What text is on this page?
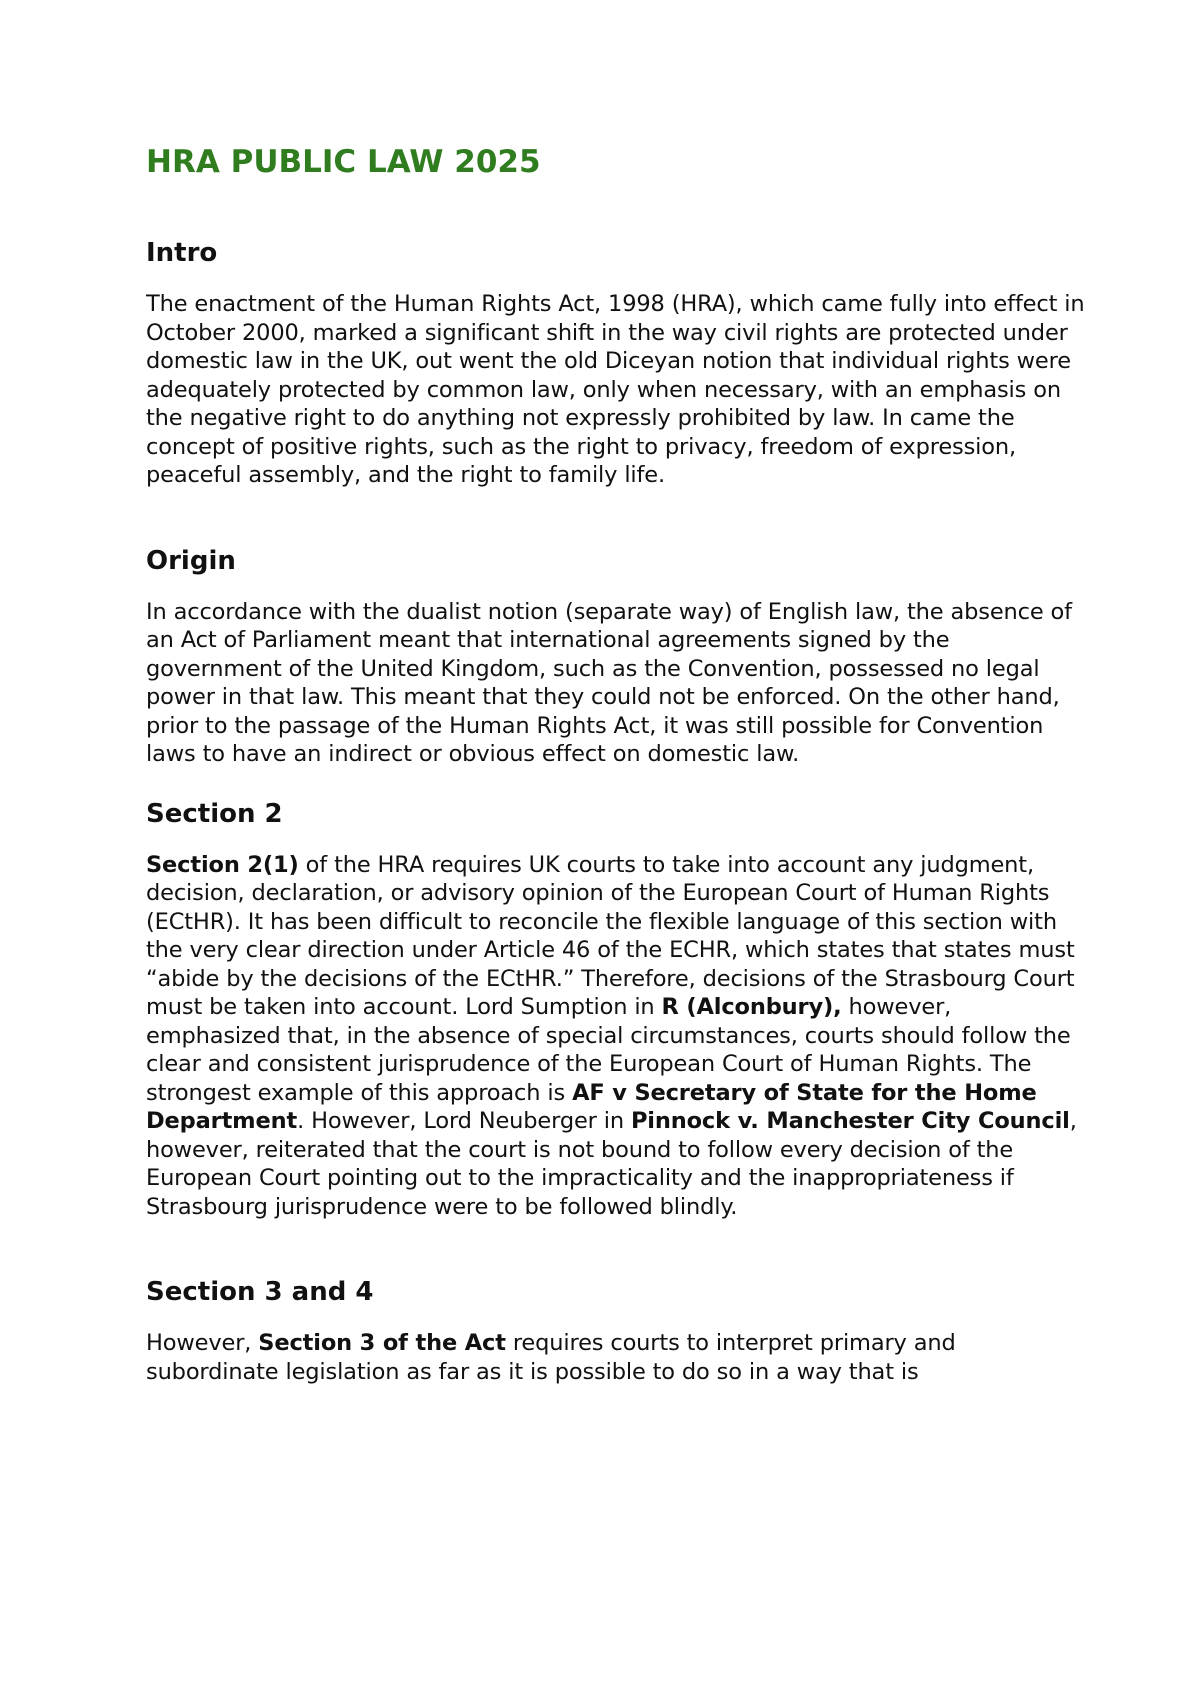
HRA PUBLIC LAW 2025
Intro

The enactment of the Human Rights Act, 1998 (HRA), which came fully into effect in October 2000, marked a significant shift in the way civil rights are protected under domestic law in the UK, out went the old Diceyan notion that individual rights were adequately protected by common law, only when necessary, with an emphasis on the negative right to do anything not expressly prohibited by law. In came the concept of positive rights, such as the right to privacy, freedom of expression, peaceful assembly, and the right to family life.

Origin

In accordance with the dualist notion (separate way) of English law, the absence of an Act of Parliament meant that international agreements signed by the government of the United Kingdom, such as the Convention, possessed no legal power in that law. This meant that they could not be enforced. On the other hand, prior to the passage of the Human Rights Act, it was still possible for Convention laws to have an indirect or obvious effect on domestic law.

Section 2

Section 2(1) of the HRA requires UK courts to take into account any judgment, decision, declaration, or advisory opinion of the European Court of Human Rights (ECtHR). It has been difficult to reconcile the flexible language of this section with the very clear direction under Article 46 of the ECHR, which states that states must “abide by the decisions of the ECtHR.” Therefore, decisions of the Strasbourg Court must be taken into account. Lord Sumption in R (Alconbury), however, emphasized that, in the absence of special circumstances, courts should follow the clear and consistent jurisprudence of the European Court of Human Rights. The strongest example of this approach is AF v Secretary of State for the Home Department. However, Lord Neuberger in Pinnock v. Manchester City Council, however, reiterated that the court is not bound to follow every decision of the European Court pointing out to the impracticality and the inappropriateness if Strasbourg jurisprudence were to be followed blindly.

Section 3 and 4

However, Section 3 of the Act requires courts to interpret primary and subordinate legislation as far as it is possible to do so in a way that is
